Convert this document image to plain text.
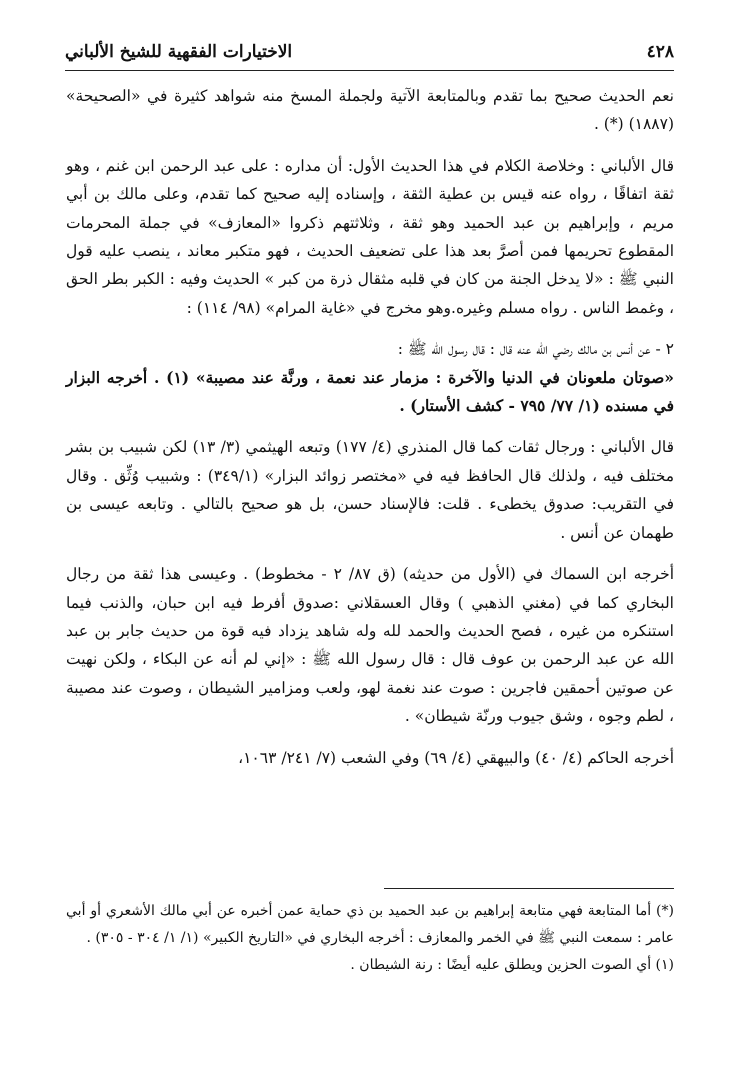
الاختيارات الفقهية للشيخ الألباني	٤٢٨

نعم الحديث صحيح بما تقدم وبالمتابعة الآتية ولجملة المسخ منه شواهد كثيرة في «الصحيحة» (١٨٨٧) (*) .

قال الألباني : وخلاصة الكلام في هذا الحديث الأول: أن مداره : على عبد الرحمن ابن غنم ، وهو ثقة اتفاقًا ، رواه عنه قيس بن عطية الثقة ، وإسناده إليه صحيح كما تقدم، وعلى مالك بن أبي مريم ، وإبراهيم بن عبد الحميد وهو ثقة ، وثلاثتهم ذكروا «المعازف» في جملة المحرمات المقطوع تحريمها فمن أصرَّ بعد هذا على تضعيف الحديث ، فهو متكبر معاند ، ينصب عليه قول النبي ﷺ : «لا يدخل الجنة من كان في قلبه مثقال ذرة من كبر » الحديث وفيه : الكبر بطر الحق ، وغمط الناس . رواه مسلم وغيره.وهو مخرج في «غاية المرام» (٩٨/ ١١٤) :

٢ - عن أنس بن مالك رضي الله عنه قال : قال رسول الله ﷺ :

«صوتان ملعونان في الدنيا والآخرة : مزمار عند نعمة ، ورنَّة عند مصيبة» (١) . أخرجه البزار في مسنده (١/ ٧٧/ ٧٩٥ - كشف الأستار) .

قال الألباني : ورجال ثقات كما قال المنذري (٤/ ١٧٧) وتبعه الهيثمي (٣/ ١٣) لكن شبيب بن بشر مختلف فيه ، ولذلك قال الحافظ فيه في «مختصر زوائد البزار» (٣٤٩/١) : وشبيب وُثِّق . وقال في التقريب: صدوق يخطىء . قلت: فالإسناد حسن، بل هو صحيح بالتالي . وتابعه عيسى بن طهمان عن أنس .

أخرجه ابن السماك في (الأول من حديثه) (ق ٨٧/ ٢ - مخطوط) . وعيسى هذا ثقة من رجال البخاري كما في (مغني الذهبي ) وقال العسقلاني :صدوق أفرط فيه ابن حبان، والذنب فيما استنكره من غيره ، فصح الحديث والحمد لله وله شاهد يزداد فيه قوة من حديث جابر بن عبد الله عن عبد الرحمن بن عوف قال : قال رسول الله ﷺ : «إني لم أنه عن البكاء ، ولكن نهيت عن صوتين أحمقين فاجرين : صوت عند نغمة لهو، ولعب ومزامير الشيطان ، وصوت عند مصيبة ، لطم وجوه ، وشق جيوب ورنّة شيطان» .

أخرجه الحاكم (٤/ ٤٠) والبيهقي (٤/ ٦٩) وفي الشعب (٧/ ٢٤١/ ١٠٦٣،

(*) أما المتابعة فهي متابعة إبراهيم بن عبد الحميد بن ذي حماية عمن أخبره عن أبي مالك الأشعري أو أبي عامر : سمعت النبي ﷺ في الخمر والمعازف : أخرجه البخاري في «التاريخ الكبير» (١/ ١/ ٣٠٤ - ٣٠٥) .

(١) أي الصوت الحزين ويطلق عليه أيضًا : رنة الشيطان .
